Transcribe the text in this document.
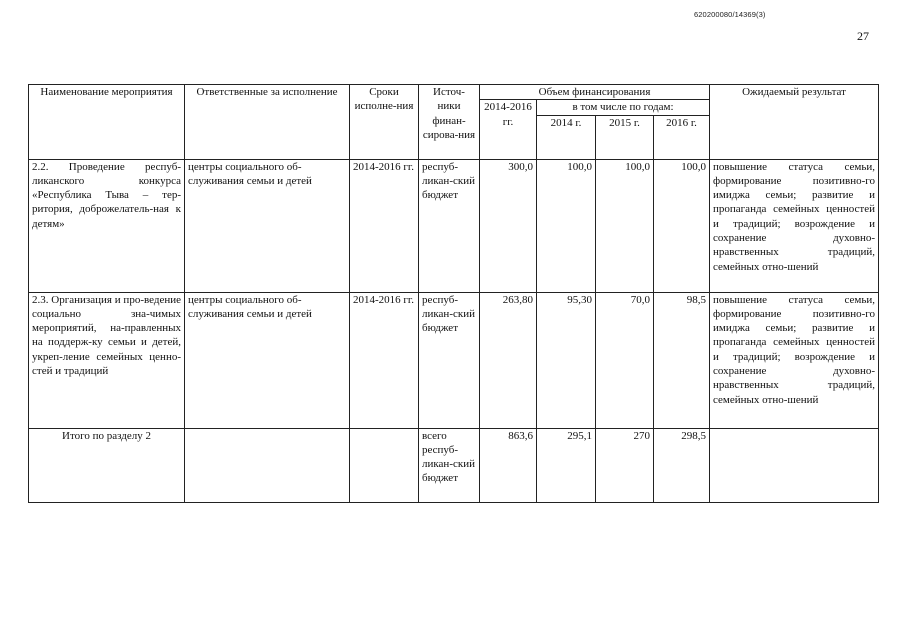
620200080/14369(3)
27
Наименование мероприятия	Ответственные за исполнение	Сроки исполне-ния	Источ-ники финан-сирова-ния	Объем финансирования				Ожидаемый результат
				2014-2016 гг.	в том числе по годам:			
					2014 г.	2015 г.	2016 г.	
2.2. Проведение респуб-ликанского конкурса «Республика Тыва – тер-ритория, доброжелатель-ная к детям»	центры социального об-служивания семьи и детей	2014-2016 гг.	респуб-ликан-ский бюджет	300,0	100,0	100,0	100,0	повышение статуса семьи, формирование позитивно-го имиджа семьи; развитие и пропаганда семейных ценностей и традиций; возрождение и сохранение духовно-нравственных традиций, семейных отно-шений
2.3. Организация и про-ведение социально зна-чимых мероприятий, на-правленных на поддерж-ку семьи и детей, укреп-ление семейных ценно-стей и традиций	центры социального об-служивания семьи и детей	2014-2016 гг.	респуб-ликан-ский бюджет	263,80	95,30	70,0	98,5	повышение статуса семьи, формирование позитивно-го имиджа семьи; развитие и пропаганда семейных ценностей и традиций; возрождение и сохранение духовно-нравственных традиций, семейных отно-шений
Итого по разделу 2			всего респуб-ликан-ский бюджет	863,6	295,1	270	298,5	
